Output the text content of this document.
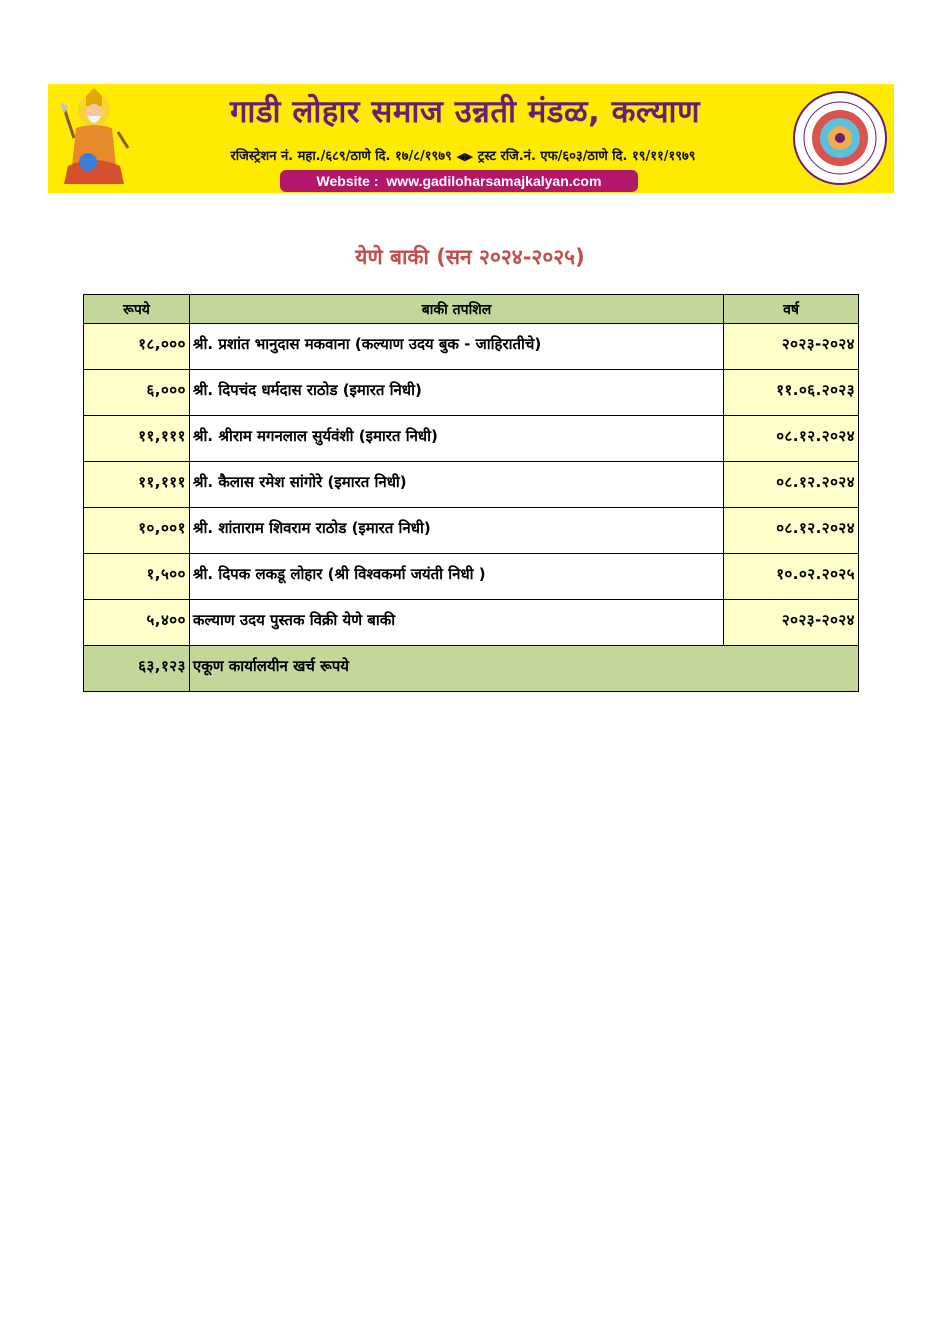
गाडी लोहार समाज उन्नती मंडळ, कल्याण
रजिस्ट्रेशन नं. महा./६८९/ठाणे दि. १७/८/१९७९ ◀▶ ट्रस्ट रजि.नं. एफ/६०३/ठाणे दि. १९/११/१९७९
Website : www.gadiloharsamajkalyan.com
येणे बाकी (सन २०२४-२०२५)
रूपये	बाकी तपशिल	वर्ष
१८,०००	श्री. प्रशांत भानुदास मकवाना (कल्याण उदय बुक - जाहिरातीचे)	२०२३-२०२४
६,०००	श्री. दिपचंद धर्मदास राठोड (इमारत निधी)	११.०६.२०२३
११,१११	श्री. श्रीराम मगनलाल सुर्यवंशी (इमारत निधी)	०८.१२.२०२४
११,१११	श्री. कैलास रमेश सांगोरे (इमारत निधी)	०८.१२.२०२४
१०,००१	श्री. शांताराम शिवराम राठोड (इमारत निधी)	०८.१२.२०२४
१,५००	श्री. दिपक लकडू लोहार (श्री विश्वकर्मा जयंती निधी )	१०.०२.२०२५
५,४००	कल्याण उदय पुस्तक विक्री येणे बाकी	२०२३-२०२४
६३,१२३	एकूण कार्यालयीन खर्च रूपये	
